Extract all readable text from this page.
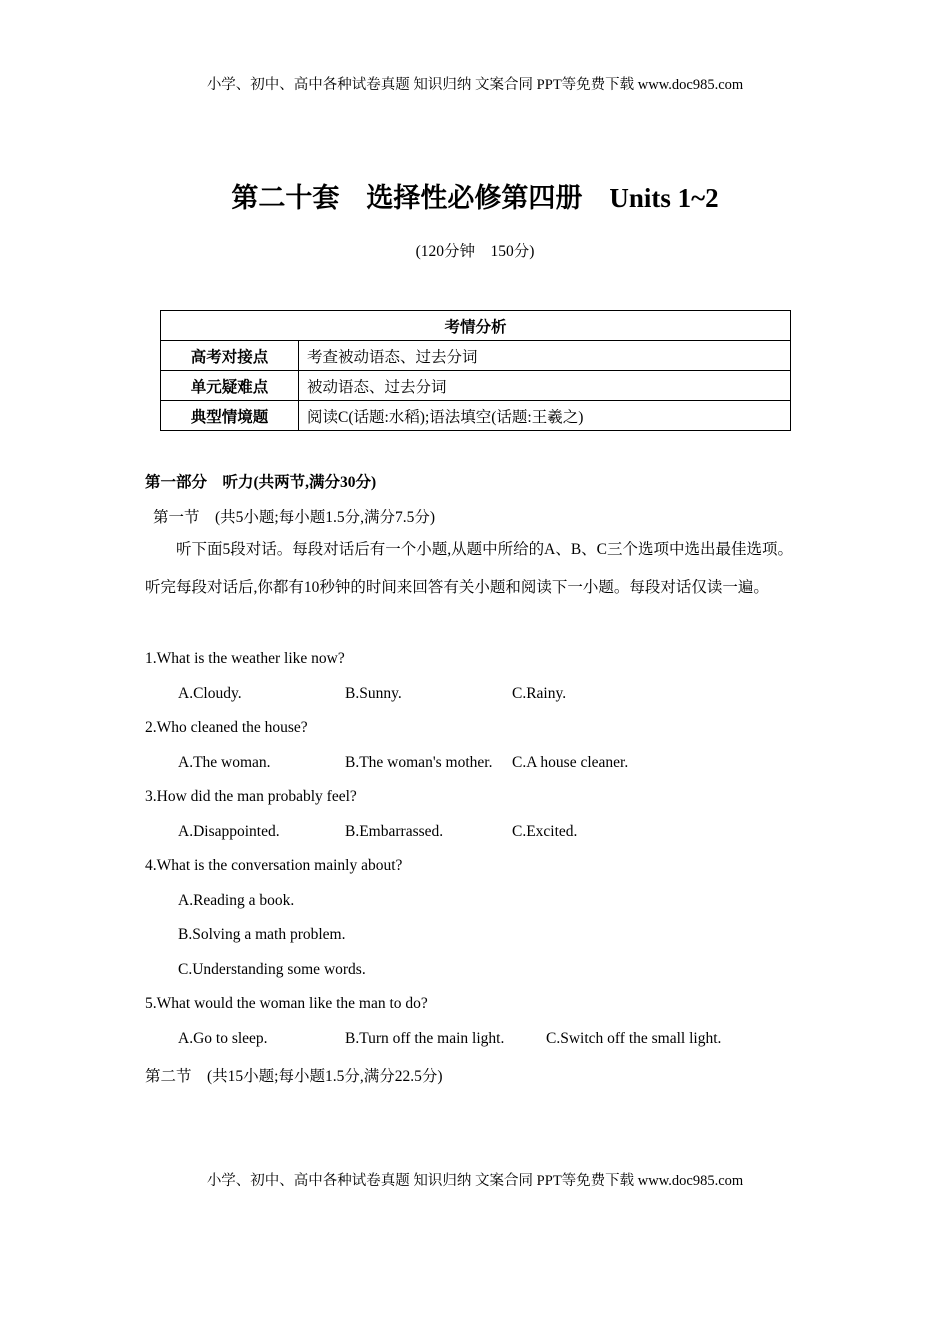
小学、初中、高中各种试卷真题 知识归纳 文案合同 PPT等免费下载 www.doc985.com
第二十套　选择性必修第四册　Units 1~2
(120分钟　150分)
考情分析	
高考对接点	考查被动语态、过去分词
单元疑难点	被动语态、过去分词
典型情境题	阅读C(话题:水稻);语法填空(话题:王羲之)
第一部分　听力(共两节,满分30分)
第一节　(共5小题;每小题1.5分,满分7.5分)
听下面5段对话。每段对话后有一个小题,从题中所给的A、B、C三个选项中选出最佳选项。听完每段对话后,你都有10秒钟的时间来回答有关小题和阅读下一小题。每段对话仅读一遍。
1.What is the weather like now?
A.Cloudy.	B.Sunny.	C.Rainy.
2.Who cleaned the house?
A.The woman.	B.The woman's mother. C.A house cleaner.
3.How did the man probably feel?
A.Disappointed.	B.Embarrassed.	C.Excited.
4.What is the conversation mainly about?
A.Reading a book.
B.Solving a math problem.
C.Understanding some words.
5.What would the woman like the man to do?
A.Go to sleep.	B.Turn off the main light.	C.Switch off the small light.
第二节　(共15小题;每小题1.5分,满分22.5分)
小学、初中、高中各种试卷真题 知识归纳 文案合同 PPT等免费下载 www.doc985.com
